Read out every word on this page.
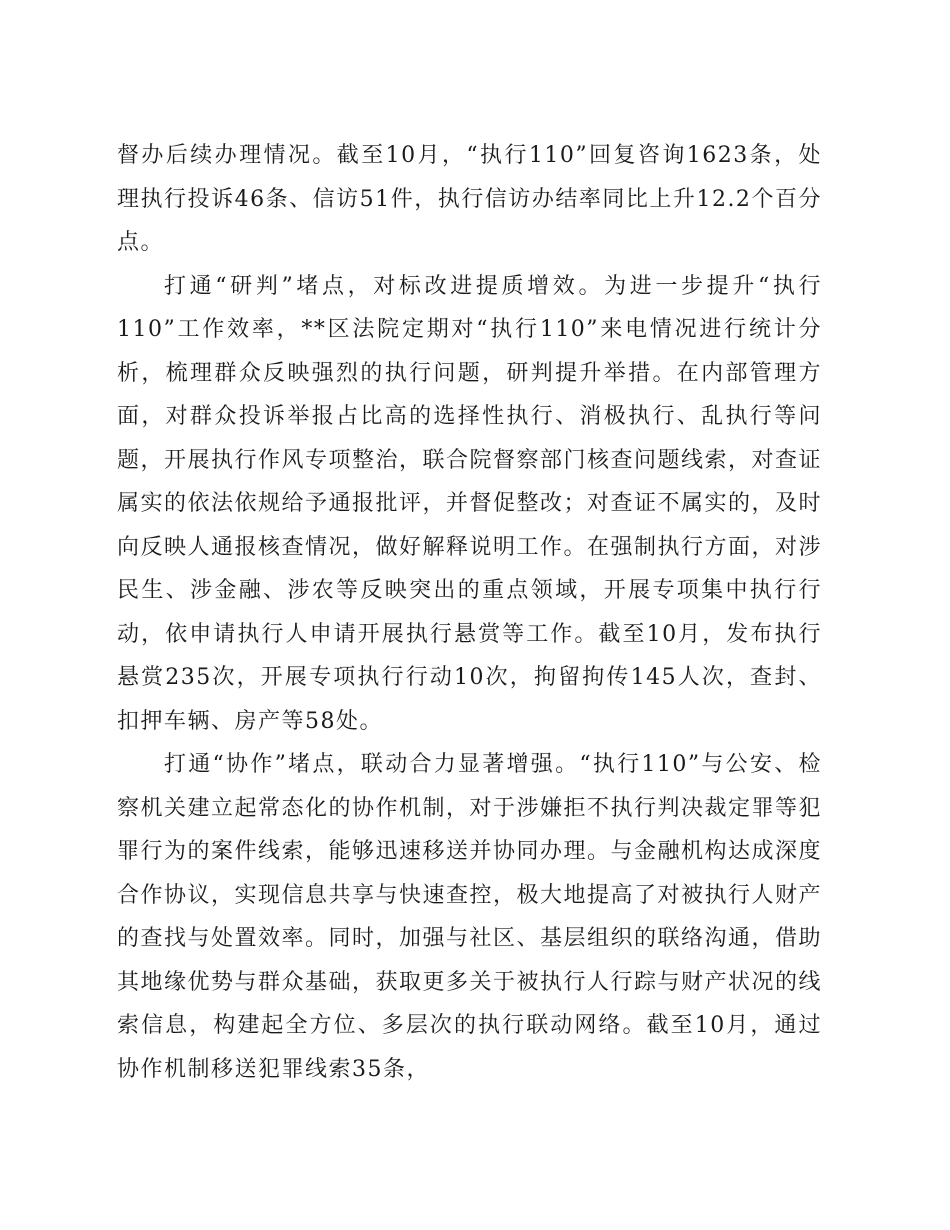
督办后续办理情况。截至10月，“执行110”回复咨询1623条，处理执行投诉46条、信访51件，执行信访办结率同比上升12.2个百分点。

打通“研判”堵点，对标改进提质增效。为进一步提升“执行110”工作效率，**区法院定期对“执行110”来电情况进行统计分析，梳理群众反映强烈的执行问题，研判提升举措。在内部管理方面，对群众投诉举报占比高的选择性执行、消极执行、乱执行等问题，开展执行作风专项整治，联合院督察部门核查问题线索，对查证属实的依法依规给予通报批评，并督促整改；对查证不属实的，及时向反映人通报核查情况，做好解释说明工作。在强制执行方面，对涉民生、涉金融、涉农等反映突出的重点领域，开展专项集中执行行动，依申请执行人申请开展执行悬赏等工作。截至10月，发布执行悬赏235次，开展专项执行行动10次，拘留拘传145人次，查封、扣押车辆、房产等58处。

打通“协作”堵点，联动合力显著增强。“执行110”与公安、检察机关建立起常态化的协作机制，对于涉嫌拒不执行判决裁定罪等犯罪行为的案件线索，能够迅速移送并协同办理。与金融机构达成深度合作协议，实现信息共享与快速查控，极大地提高了对被执行人财产的查找与处置效率。同时，加强与社区、基层组织的联络沟通，借助其地缘优势与群众基础，获取更多关于被执行人行踪与财产状况的线索信息，构建起全方位、多层次的执行联动网络。截至10月，通过协作机制移送犯罪线索35条，
